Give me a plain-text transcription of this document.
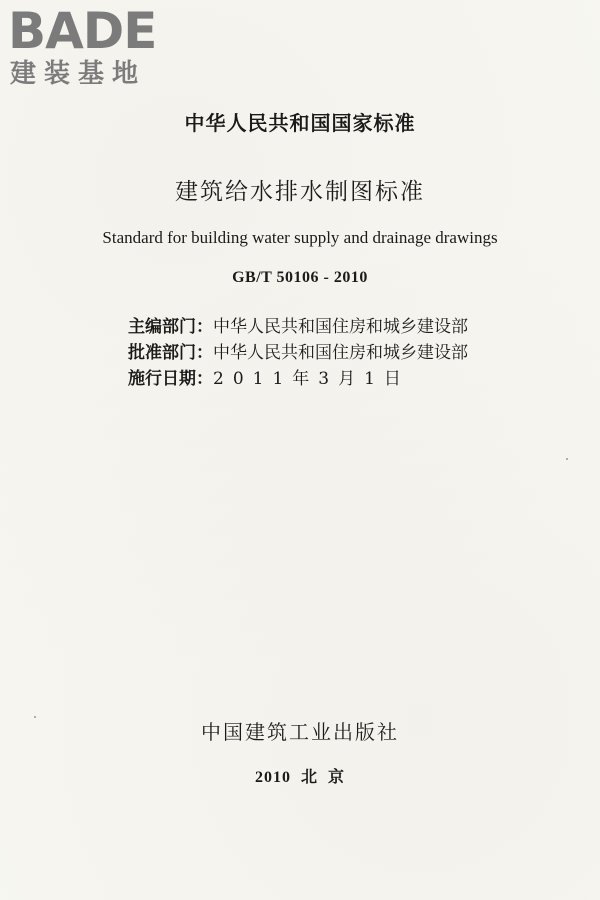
BADE
建装基地
中华人民共和国国家标准
建筑给水排水制图标准
Standard for building water supply and drainage drawings
GB/T 50106 - 2010
主编部门：中华人民共和国住房和城乡建设部
批准部门：中华人民共和国住房和城乡建设部
施行日期：2011年3月1日
中国建筑工业出版社
2010  北  京
